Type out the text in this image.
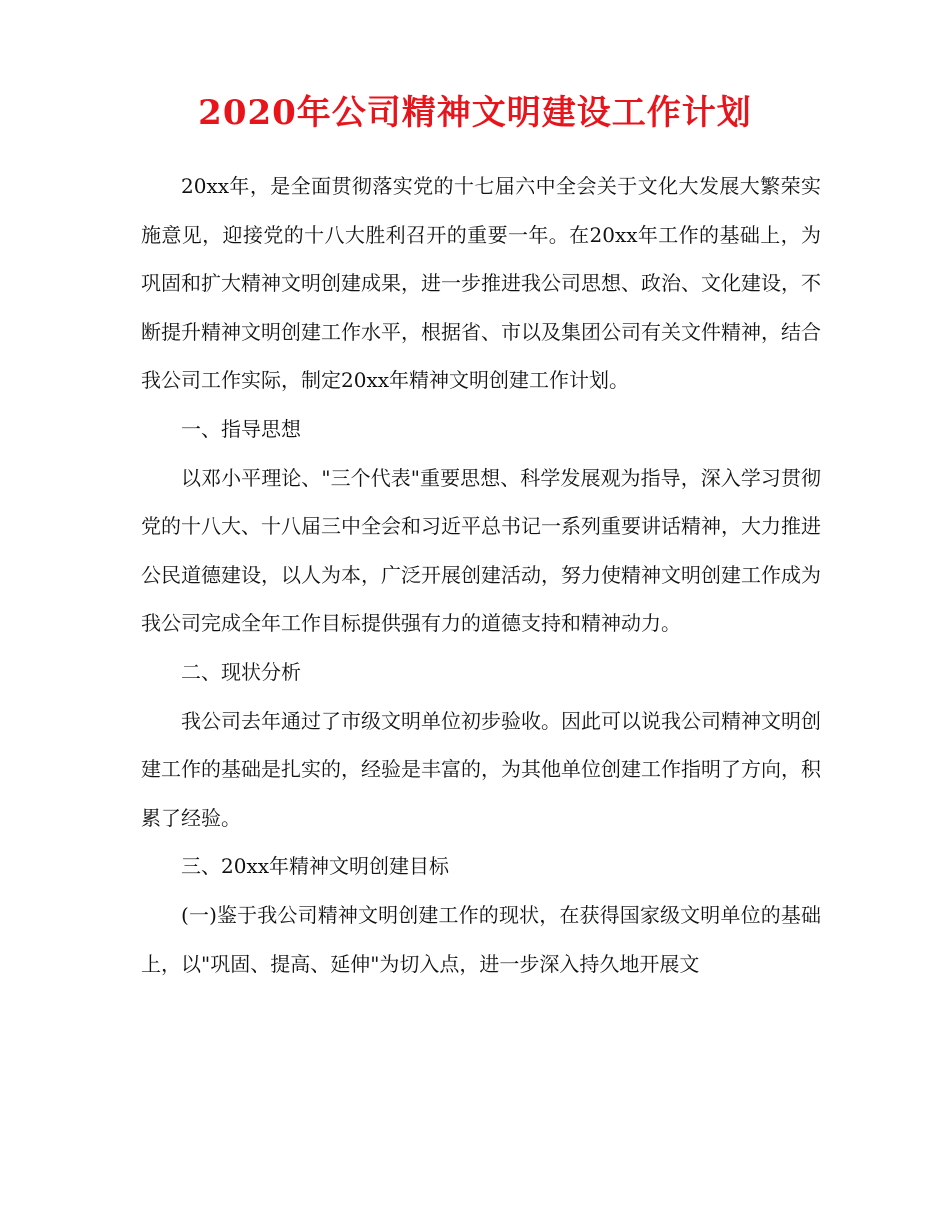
2020年公司精神文明建设工作计划

20xx年，是全面贯彻落实党的十七届六中全会关于文化大发展大繁荣实施意见，迎接党的十八大胜利召开的重要一年。在20xx年工作的基础上，为巩固和扩大精神文明创建成果，进一步推进我公司思想、政治、文化建设，不断提升精神文明创建工作水平，根据省、市以及集团公司有关文件精神，结合我公司工作实际，制定20xx年精神文明创建工作计划。

一、指导思想

以邓小平理论、"三个代表"重要思想、科学发展观为指导，深入学习贯彻党的十八大、十八届三中全会和习近平总书记一系列重要讲话精神，大力推进公民道德建设，以人为本，广泛开展创建活动，努力使精神文明创建工作成为我公司完成全年工作目标提供强有力的道德支持和精神动力。

二、现状分析

我公司去年通过了市级文明单位初步验收。因此可以说我公司精神文明创建工作的基础是扎实的，经验是丰富的，为其他单位创建工作指明了方向，积累了经验。

三、20xx年精神文明创建目标

(一)鉴于我公司精神文明创建工作的现状，在获得国家级文明单位的基础上，以"巩固、提高、延伸"为切入点，进一步深入持久地开展文
